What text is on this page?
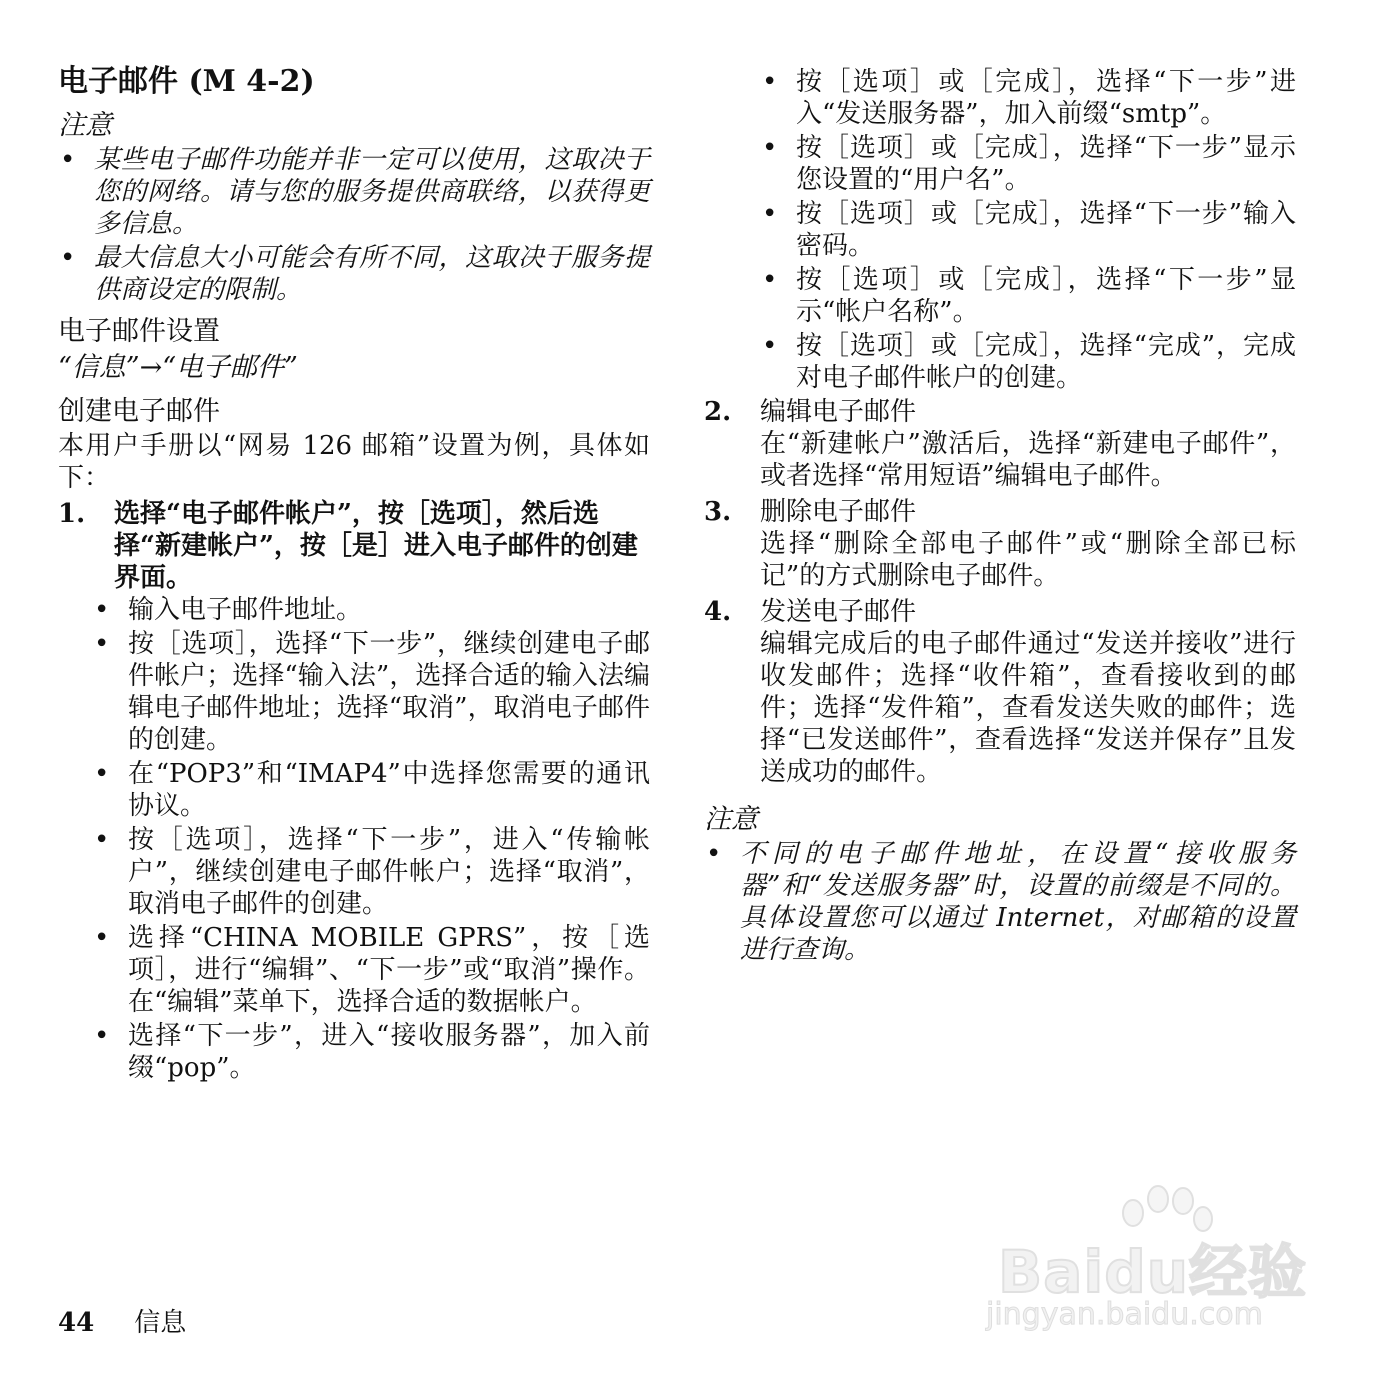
电子邮件 (M 4-2)
注意
• 某些电子邮件功能并非一定可以使用，这取决于您的网络。请与您的服务提供商联络，以获得更多信息。
• 最大信息大小可能会有所不同，这取决于服务提供商设定的限制。
电子邮件设置
“信息”→“电子邮件”
创建电子邮件

本用户手册以“网易 126 邮箱”设置为例，具体如下：

1. 选择“电子邮件帐户”，按［选项］，然后选择“新建帐户”，按［是］进入电子邮件的创建界面。
• 输入电子邮件地址。
• 按［选项］，选择“下一步”，继续创建电子邮件帐户；选择“输入法”，选择合适的输入法编辑电子邮件地址；选择“取消”，取消电子邮件的创建。
• 在“POP3”和“IMAP4”中选择您需要的通讯协议。
• 按［选项］，选择“下一步”，进入“传输帐户”，继续创建电子邮件帐户；选择“取消”，取消电子邮件的创建。
• 选择“CHINA MOBILE GPRS”，按［选项］，进行“编辑”、“下一步”或“取消”操作。在“编辑”菜单下，选择合适的数据帐户。
• 选择“下一步”，进入“接收服务器”，加入前缀“pop”。
• 按［选项］或［完成］，选择“下一步”进入“发送服务器”，加入前缀“smtp”。
• 按［选项］或［完成］，选择“下一步”显示您设置的“用户名”。
• 按［选项］或［完成］，选择“下一步”输入密码。
• 按［选项］或［完成］，选择“下一步”显示“帐户名称”。
• 按［选项］或［完成］，选择“完成”，完成对电子邮件帐户的创建。
2. 编辑电子邮件
在“新建帐户”激活后，选择“新建电子邮件”，或者选择“常用短语”编辑电子邮件。
3. 删除电子邮件
选择“删除全部电子邮件”或“删除全部已标记”的方式删除电子邮件。
4. 发送电子邮件
编辑完成后的电子邮件通过“发送并接收”进行收发邮件；选择“收件箱”，查看接收到的邮件；选择“发件箱”，查看发送失败的邮件；选择“已发送邮件”，查看选择“发送并保存”且发送成功的邮件。
注意
• 不同的电子邮件地址，在设置“接收服务器”和“发送服务器”时，设置的前缀是不同的。具体设置您可以通过 Internet，对邮箱的设置进行查询。
44 信息
Baidu经验
jingyan.baidu.com
